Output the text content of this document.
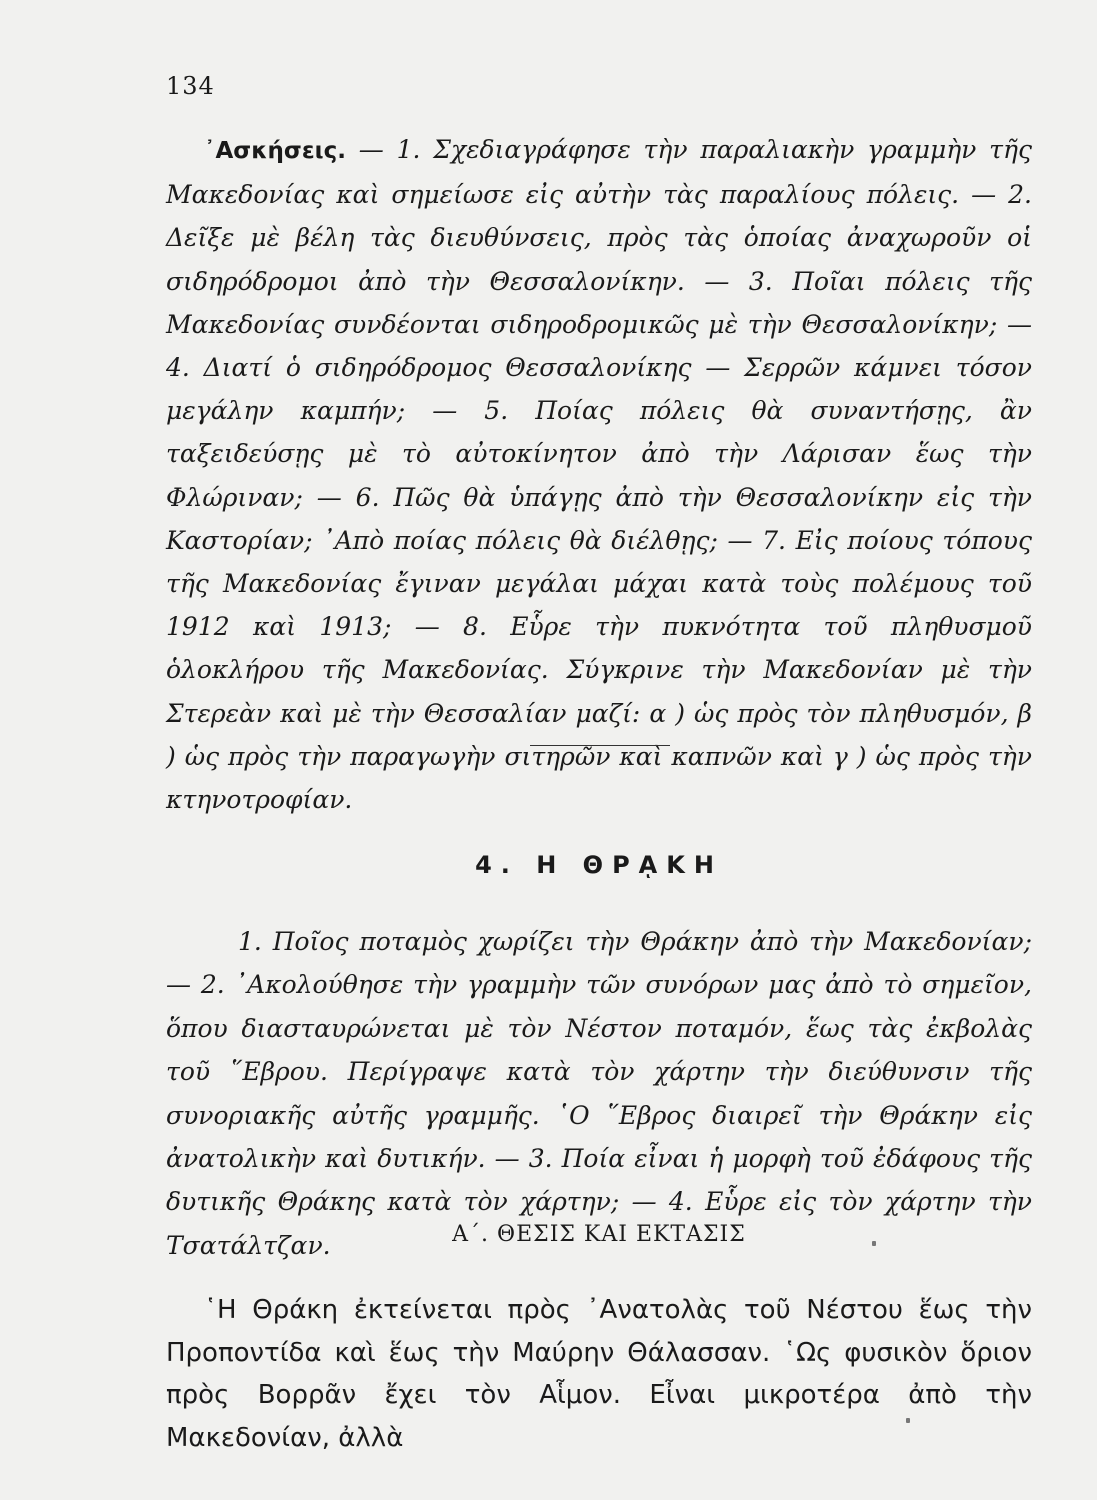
134

᾿Ασκήσεις. — 1. Σχεδιαγράφησε τὴν παραλιακὴν γραμμὴν τῆς Μακεδονίας καὶ σημείωσε εἰς αὐτὴν τὰς παραλίους πόλεις. — 2. Δεῖξε μὲ βέλη τὰς διευθύνσεις, πρὸς τὰς ὁποίας ἀναχωροῦν οἱ σιδηρόδρομοι ἀπὸ τὴν Θεσσαλονίκην. — 3. Ποῖαι πόλεις τῆς Μακεδονίας συνδέονται σιδηροδρομικῶς μὲ τὴν Θεσσαλονίκην; — 4. Διατί ὁ σιδηρόδρομος Θεσσαλονίκης — Σερρῶν κάμνει τόσον μεγάλην καμπήν; — 5. Ποίας πόλεις θὰ συναντήσῃς, ἂν ταξειδεύσῃς μὲ τὸ αὐτοκίνητον ἀπὸ τὴν Λάρισαν ἕως τὴν Φλώριναν; — 6. Πῶς θὰ ὑπάγῃς ἀπὸ τὴν Θεσσαλονίκην εἰς τὴν Καστορίαν; ᾿Απὸ ποίας πόλεις θὰ διέλθῃς; — 7. Εἰς ποίους τόπους τῆς Μακεδονίας ἔγιναν μεγάλαι μάχαι κατὰ τοὺς πολέμους τοῦ 1912 καὶ 1913; — 8. Εὗρε τὴν πυκνότητα τοῦ πληθυσμοῦ ὁλοκλήρου τῆς Μακεδονίας. Σύγκρινε τὴν Μακεδονίαν μὲ τὴν Στερεὰν καὶ μὲ τὴν Θεσσαλίαν μαζί: α ) ὡς πρὸς τὸν πληθυσμόν, β ) ὡς πρὸς τὴν παραγωγὴν σιτηρῶν καὶ καπνῶν καὶ γ ) ὡς πρὸς τὴν κτηνοτροφίαν.

4. Η ΘΡᾼΚΗ

1. Ποῖος ποταμὸς χωρίζει τὴν Θράκην ἀπὸ τὴν Μακεδονίαν; — 2. ᾿Ακολούθησε τὴν γραμμὴν τῶν συνόρων μας ἀπὸ τὸ σημεῖον, ὅπου διασταυρώνεται μὲ τὸν Νέστον ποταμόν, ἕως τὰς ἐκβολὰς τοῦ ῞Εβρου. Περίγραψε κατὰ τὸν χάρτην τὴν διεύθυνσιν τῆς συνοριακῆς αὐτῆς γραμμῆς. ῾Ο ῞Εβρος διαιρεῖ τὴν Θράκην εἰς ἀνατολικὴν καὶ δυτικήν. — 3. Ποία εἶναι ἡ μορφὴ τοῦ ἐδάφους τῆς δυτικῆς Θράκης κατὰ τὸν χάρτην; — 4. Εὗρε εἰς τὸν χάρτην τὴν Τσατάλτζαν.	Α΄. ΘΕΣΙΣ ΚΑΙ ΕΚΤΑΣΙΣ

῾Η Θράκη ἐκτείνεται πρὸς ᾿Ανατολὰς τοῦ Νέστου ἕως τὴν Προποντίδα καὶ ἕως τὴν Μαύρην Θάλασσαν. ῾Ως φυσικὸν ὅριον πρὸς Βορρᾶν ἔχει τὸν Αἷμον. Εἶναι μικροτέρα ἀπὸ τὴν Μακεδονίαν, ἀλλὰ
